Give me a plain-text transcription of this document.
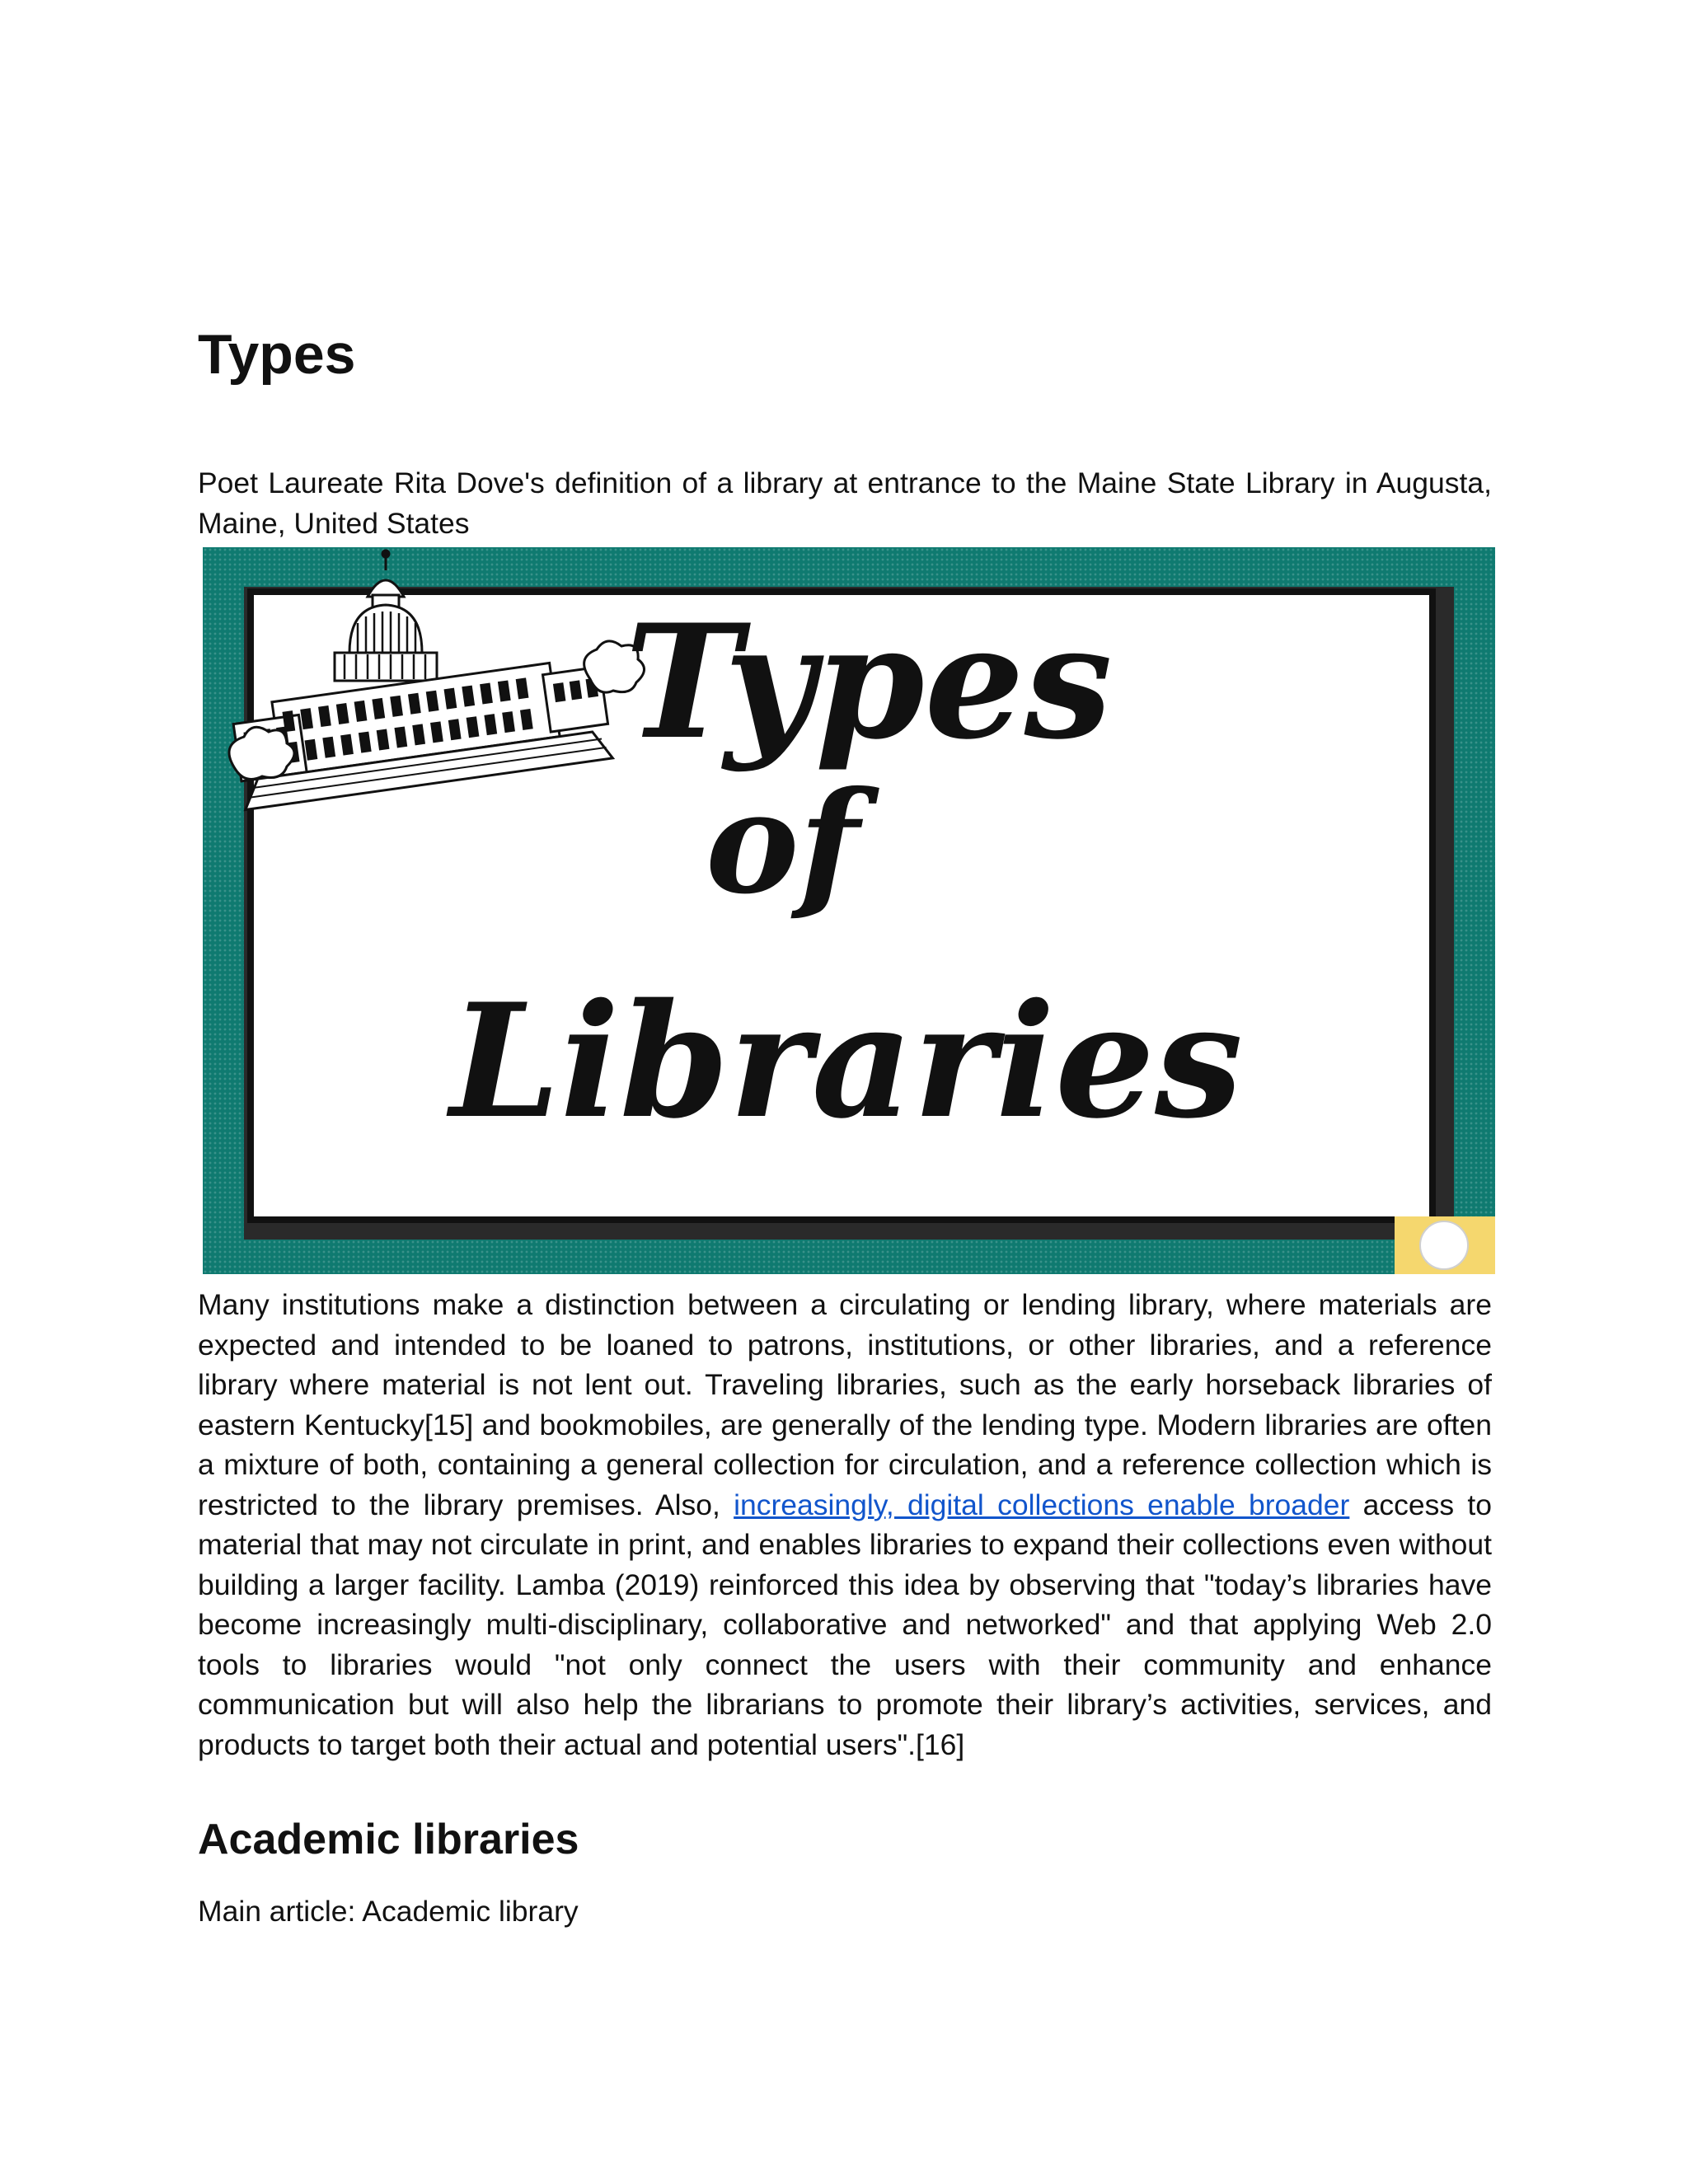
Types

Poet Laureate Rita Dove's definition of a library at entrance to the Maine State Library in Augusta, Maine, United States

Types
of
Libraries

Many institutions make a distinction between a circulating or lending library, where materials are expected and intended to be loaned to patrons, institutions, or other libraries, and a reference library where material is not lent out. Traveling libraries, such as the early horseback libraries of eastern Kentucky[15] and bookmobiles, are generally of the lending type. Modern libraries are often a mixture of both, containing a general collection for circulation, and a reference collection which is restricted to the library premises. Also, increasingly, digital collections enable broader access to material that may not circulate in print, and enables libraries to expand their collections even without building a larger facility. Lamba (2019) reinforced this idea by observing that "today’s libraries have become increasingly multi-disciplinary, collaborative and networked" and that applying Web 2.0 tools to libraries would "not only connect the users with their community and enhance communication but will also help the librarians to promote their library’s activities, services, and products to target both their actual and potential users".[16]

Academic libraries

Main article: Academic library
